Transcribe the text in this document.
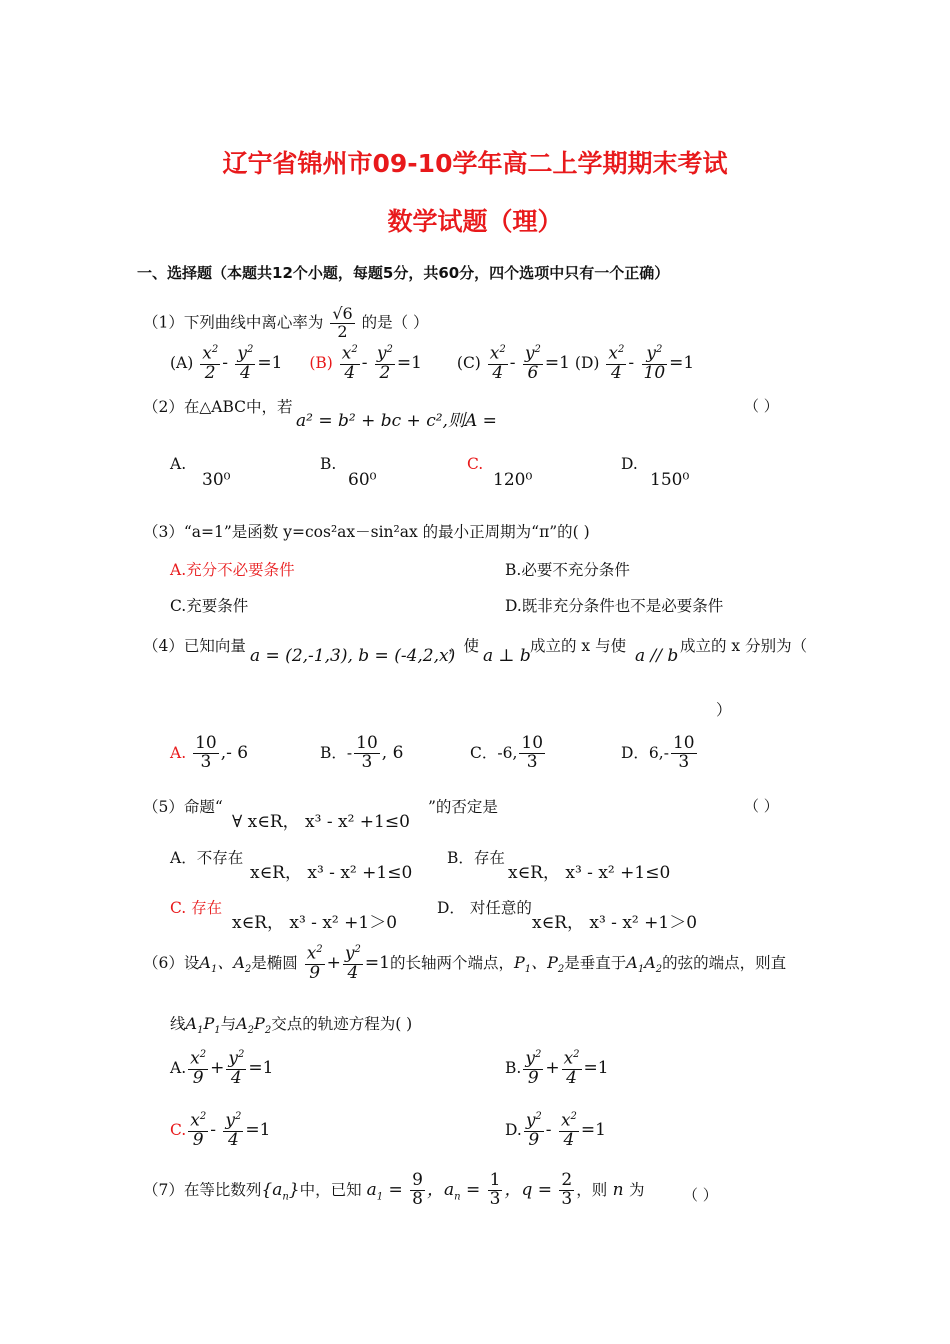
辽宁省锦州市09-10学年高二上学期期末考试
数学试题（理）
一、选择题（本题共12个小题，每题5分，共60分，四个选项中只有一个正确）
（1）下列曲线中离心率为 $\frac{√6}{2}$ 的是（ ）
$(A) \frac{x^2}{2} - \frac{y^2}{4} =1$ $(B) \frac{x^2}{4} - \frac{y^2}{2} =1$ $(C) \frac{x^2}{4} - \frac{y^2}{6} =1$ $(D) \frac{x^2}{4} - \frac{y^2}{10} =1$
（2）在△ABC中，若
a² = b² + bc + c²,则A =
（ ）
A.
30⁰
B.
60⁰
C.
120⁰
D.
150⁰
（3）“a=1”是函数 y=cos²ax－sin²ax 的最小正周期为“π”的( )
A.充分不必要条件	B.必要不充分条件
C.充要条件	D.既非充分条件也不是必要条件
（4）已知向量 a = (2,-1,3), b = (-4,2,x)
，使 a ⊥ b 成立的 x 与使 a // b 成立的 x 分别为（
）
A. $\frac{10}{3}$ ,- 6	B．- $\frac{10}{3}$ , 6	C．-6, $\frac{10}{3}$	D．$6,- \frac{10}{3}$
（5）命题“
∀ x∈R， x³ - x² +1≤0
”的否定是	（ ）
A．不存在
x∈R， x³ - x² +1≤0
B．存在
x∈R， x³ - x² +1≤0
C. 存在
x∈R， x³ - x² +1＞0
D． 对任意的
x∈R， x³ - x² +1＞0
（6）设$A_1$、$A_2$是椭圆 $\frac{x^2}{9} + \frac{y^2}{4} =1$的长轴两个端点，$P_1$、$P_2$是垂直于$A_1A_2$的弦的端点，则直
线$A_1P_1$与$A_2P_2$交点的轨迹方程为( )
A. $\frac{x^2}{9} + \frac{y^2}{4} =1$	B. $\frac{y^2}{9} + \frac{x^2}{4} =1$
C. $\frac{x^2}{9} - \frac{y^2}{4} =1$	D. $\frac{y^2}{9} - \frac{x^2}{4} =1$
（7）在等比数列$\{a_n\}$中，已知 $a_1 = \frac{9}{8}$ ，$a_n = \frac{1}{3}$ ，$q = \frac{2}{3}$ ，则 n 为	（ ）
